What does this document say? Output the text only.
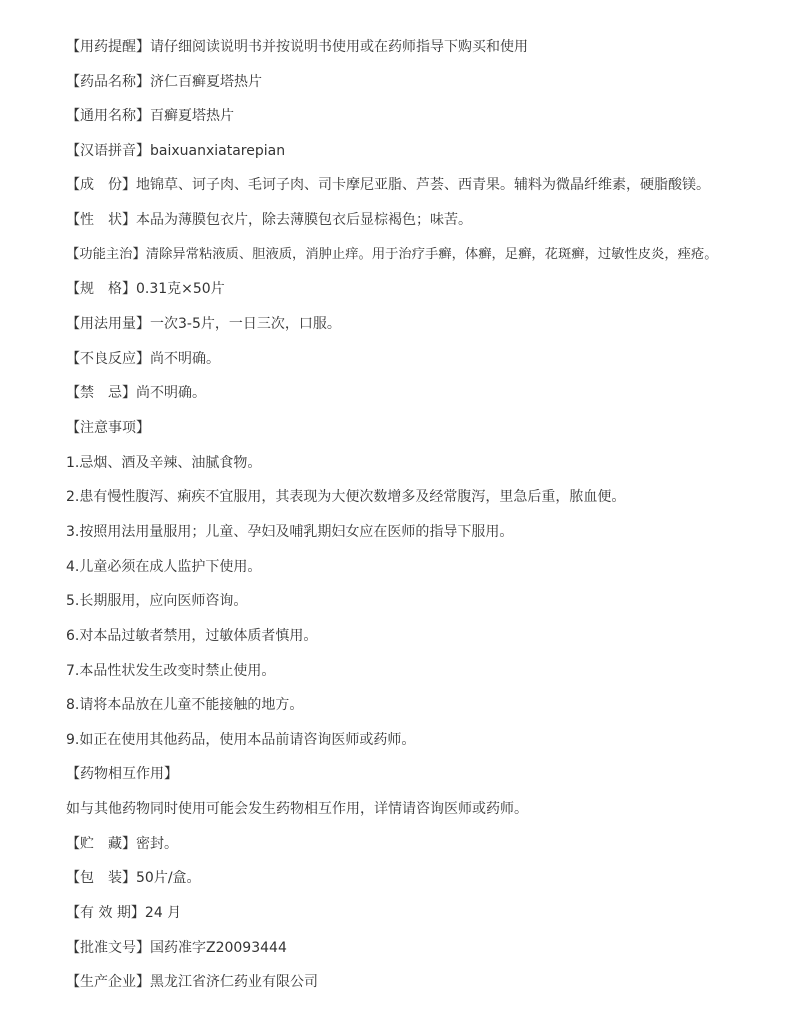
【用药提醒】请仔细阅读说明书并按说明书使用或在药师指导下购买和使用
【药品名称】济仁百癣夏塔热片
【通用名称】百癣夏塔热片
【汉语拼音】baixuanxiatarepian
【成　份】地锦草、诃子肉、毛诃子肉、司卡摩尼亚脂、芦荟、西青果。辅料为微晶纤维素，硬脂酸镁。
【性　状】本品为薄膜包衣片，除去薄膜包衣后显棕褐色；味苦。
【功能主治】清除异常粘液质、胆液质，消肿止痒。用于治疗手癣，体癣，足癣，花斑癣，过敏性皮炎，痤疮。
【规　格】0.31克×50片
【用法用量】一次3-5片，一日三次，口服。
【不良反应】尚不明确。
【禁　忌】尚不明确。
【注意事项】
1.忌烟、酒及辛辣、油腻食物。
2.患有慢性腹泻、痢疾不宜服用，其表现为大便次数增多及经常腹泻，里急后重，脓血便。
3.按照用法用量服用；儿童、孕妇及哺乳期妇女应在医师的指导下服用。
4.儿童必须在成人监护下使用。
5.长期服用，应向医师咨询。
6.对本品过敏者禁用，过敏体质者慎用。
7.本品性状发生改变时禁止使用。
8.请将本品放在儿童不能接触的地方。
9.如正在使用其他药品，使用本品前请咨询医师或药师。
【药物相互作用】
如与其他药物同时使用可能会发生药物相互作用，详情请咨询医师或药师。
【贮　藏】密封。
【包　装】50片/盒。
【有 效 期】24 月
【批准文号】国药准字Z20093444
【生产企业】黑龙江省济仁药业有限公司
